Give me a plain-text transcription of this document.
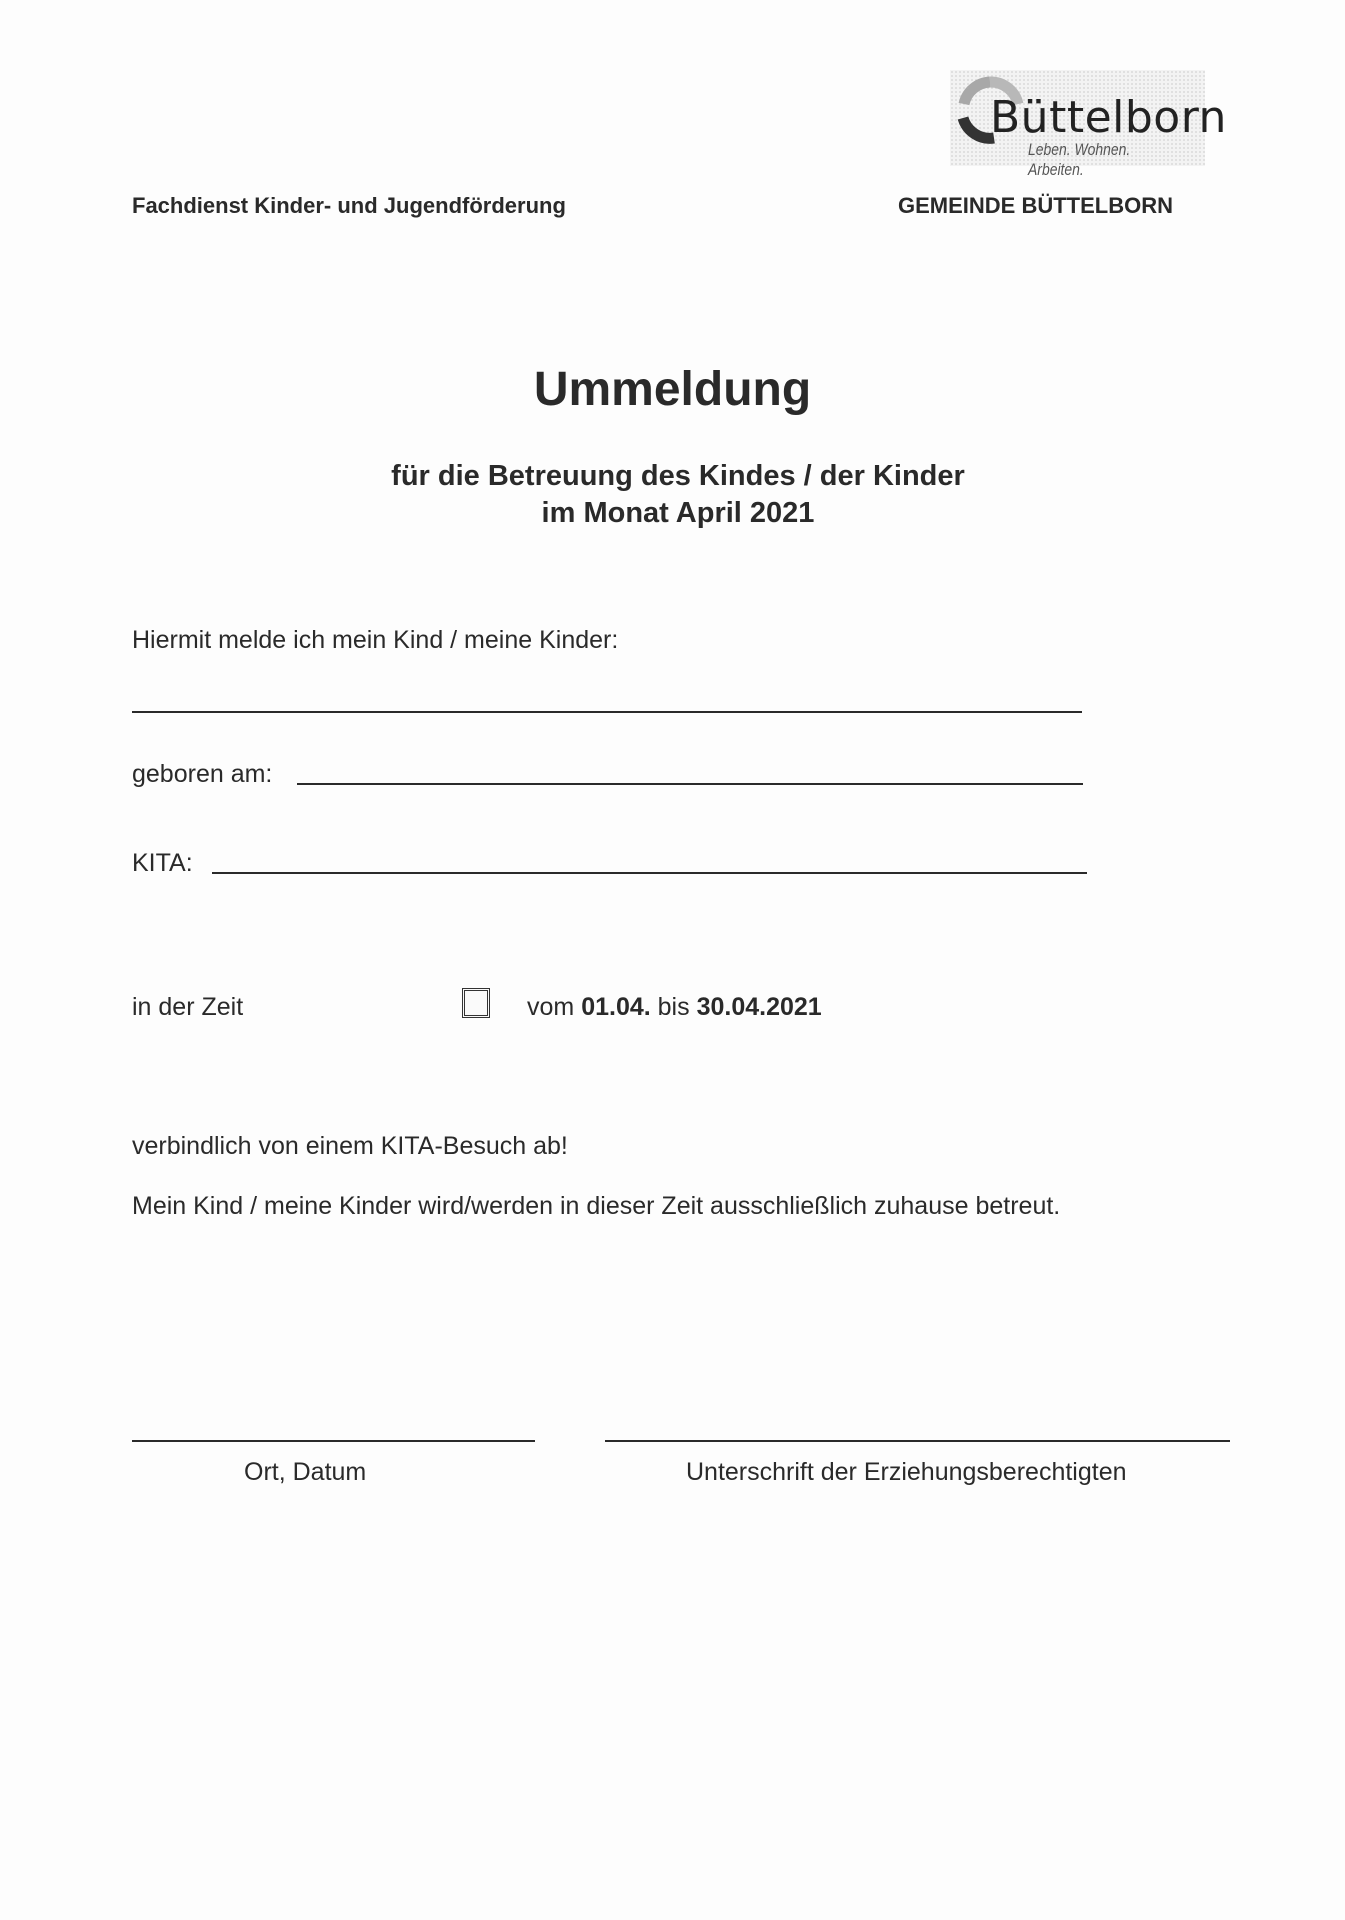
Büttelborn
Leben. Wohnen. Arbeiten.
Fachdienst Kinder- und Jugendförderung	GEMEINDE BÜTTELBORN
Ummeldung
für die Betreuung des Kindes / der Kinder
im Monat April 2021
Hiermit melde ich mein Kind / meine Kinder:
geboren am:
KITA:
in der Zeit	vom 01.04. bis 30.04.2021
verbindlich von einem KITA-Besuch ab!
Mein Kind / meine Kinder wird/werden in dieser Zeit ausschließlich zuhause betreut.
Ort, Datum	Unterschrift der Erziehungsberechtigten
